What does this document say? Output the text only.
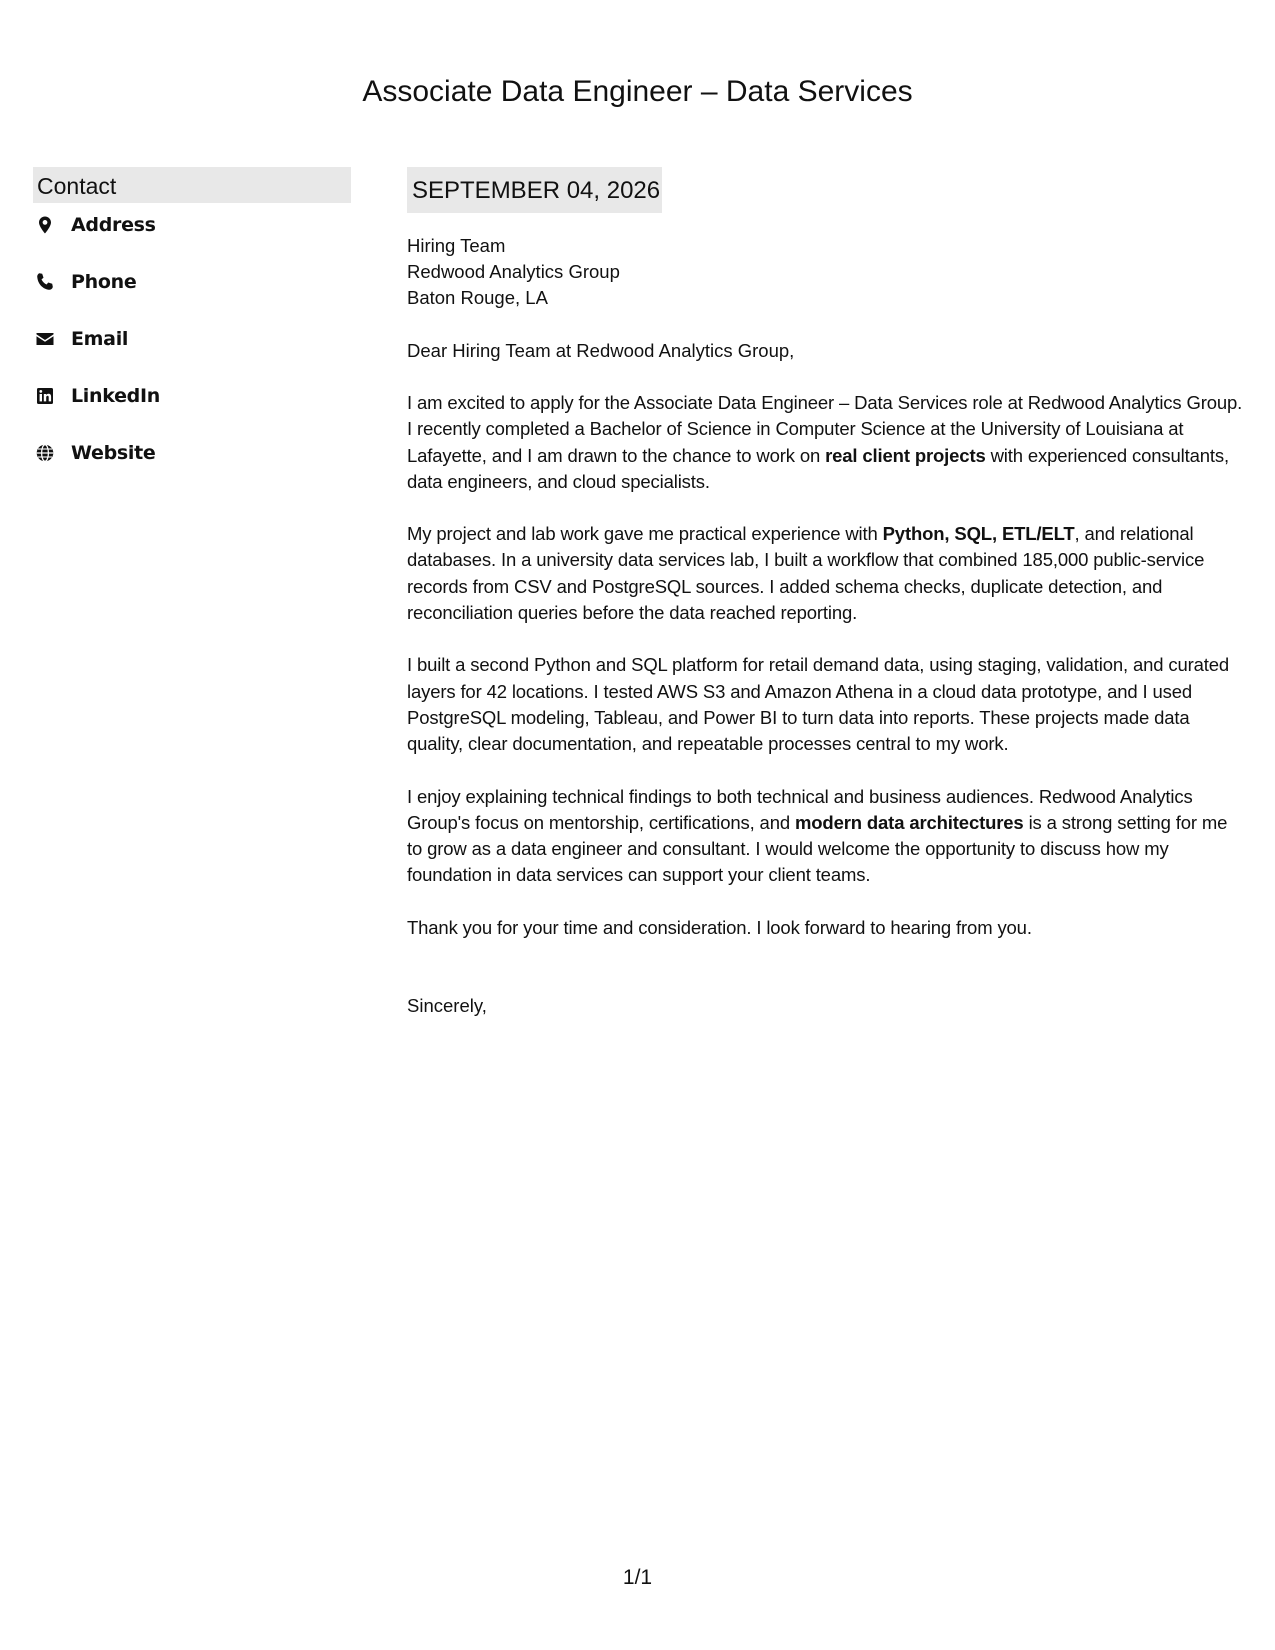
Associate Data Engineer – Data Services
Contact
Address
Phone
Email
LinkedIn
Website
SEPTEMBER 04, 2026
Hiring Team
Redwood Analytics Group
Baton Rouge, LA
Dear Hiring Team at Redwood Analytics Group,
I am excited to apply for the Associate Data Engineer – Data Services role at Redwood Analytics Group. I recently completed a Bachelor of Science in Computer Science at the University of Louisiana at Lafayette, and I am drawn to the chance to work on real client projects with experienced consultants, data engineers, and cloud specialists.
My project and lab work gave me practical experience with Python, SQL, ETL/ELT, and relational databases. In a university data services lab, I built a workflow that combined 185,000 public-service records from CSV and PostgreSQL sources. I added schema checks, duplicate detection, and reconciliation queries before the data reached reporting.
I built a second Python and SQL platform for retail demand data, using staging, validation, and curated layers for 42 locations. I tested AWS S3 and Amazon Athena in a cloud data prototype, and I used PostgreSQL modeling, Tableau, and Power BI to turn data into reports. These projects made data quality, clear documentation, and repeatable processes central to my work.
I enjoy explaining technical findings to both technical and business audiences. Redwood Analytics Group's focus on mentorship, certifications, and modern data architectures is a strong setting for me to grow as a data engineer and consultant. I would welcome the opportunity to discuss how my foundation in data services can support your client teams.
Thank you for your time and consideration. I look forward to hearing from you.
Sincerely,
1/1
